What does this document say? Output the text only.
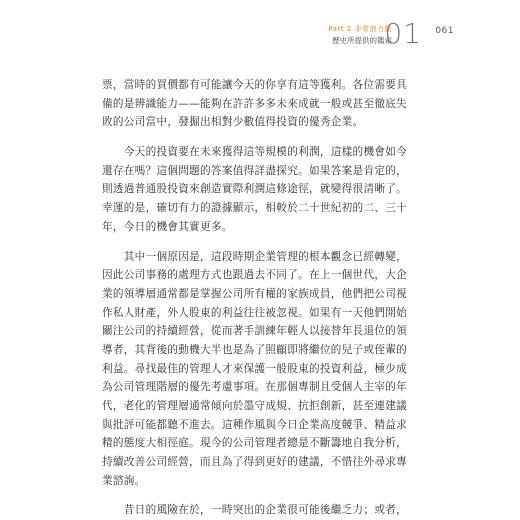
Part 1 非常潛力股
歷史所提供的鑑索
01 061
票，當時的買價都有可能讓今天的你享有這等獲利。各位需要具
備的是辨識能力——能夠在許許多多未來成就一般或甚至徹底失
敗的公司當中，發掘出相對少數值得投資的優秀企業。
　　今天的投資要在未來獲得這等規模的利潤，這樣的機會如今
還存在嗎？這個問題的答案值得詳盡探究。如果答案是肯定的，
則透過普通股投資來創造實際利潤這條途徑，就變得很清晰了。
幸運的是，確切有力的證據顯示，相較於二十世紀初的二、三十
年，今日的機會其實更多。
　　其中一個原因是，這段時期企業管理的根本觀念已經轉變，
因此公司事務的處理方式也跟過去不同了。在上一個世代，大企
業的領導層通常都是掌握公司所有權的家族成員，他們把公司視
作私人財產，外人股東的利益往往被忽視。如果有一天他們開始
關注公司的持續經營，從而著手訓練年輕人以接替年長退位的領
導者，其背後的動機大半也是為了照顧即將繼位的兒子或侄輩的
利益。尋找最佳的管理人才來保護一般股東的投資利益，極少成
為公司管理階層的優先考慮事項。在那個專制且受個人主宰的年
代，老化的管理層通常傾向於墨守成規、抗拒創新，甚至連建議
與批評可能都聽不進去。這種作風與今日企業高度競爭、精益求
精的態度大相徑庭。現今的公司管理者總是不斷籌地自我分析，
持續改善公司經營，而且為了得到更好的建議，不惜往外尋求專
業諮詢。
　　昔日的風險在於，一時突出的企業很可能後繼乏力；或者，
